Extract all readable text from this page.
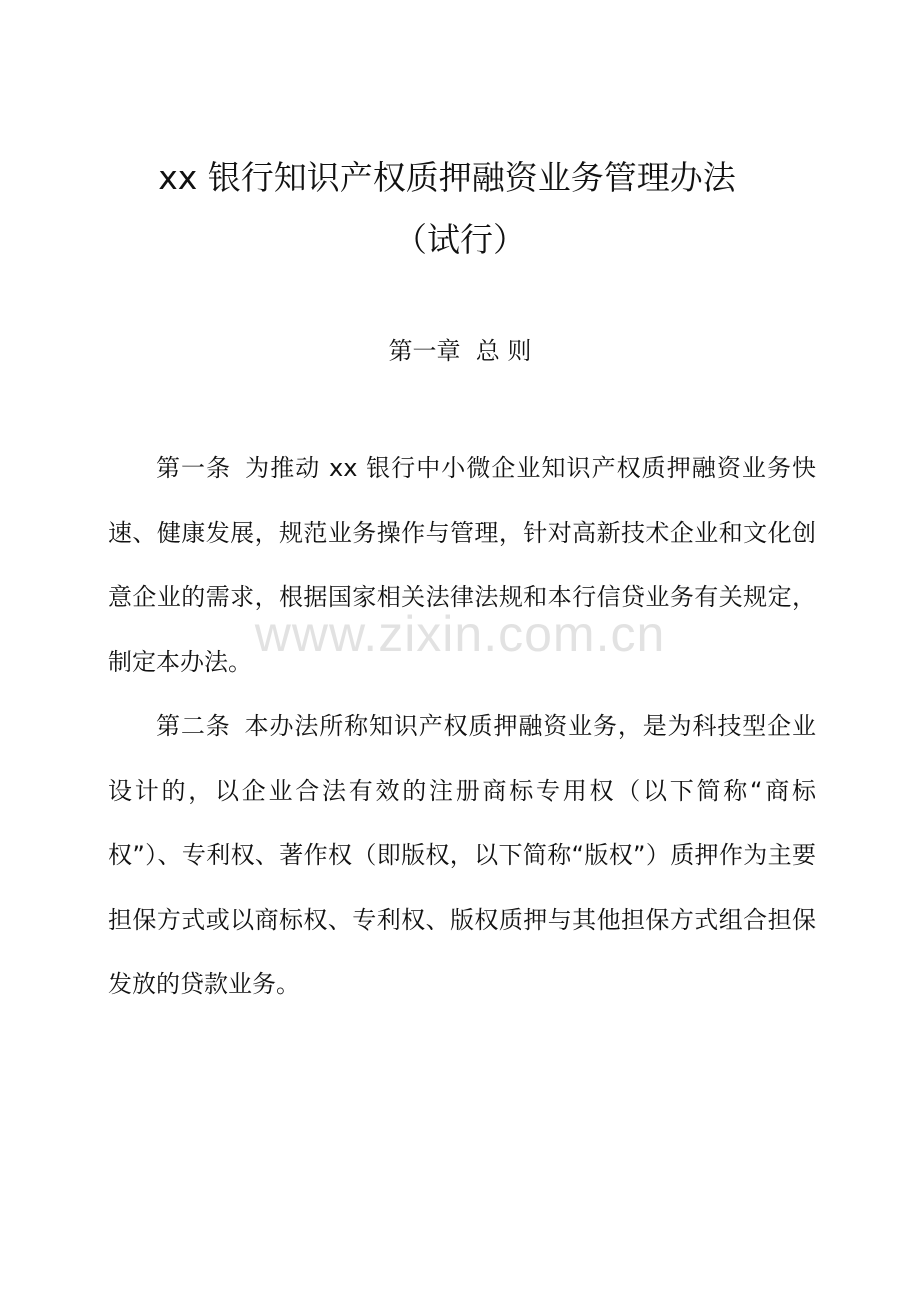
xx 银行知识产权质押融资业务管理办法
（试行）
第一章  总 则

第一条 为推动 xx 银行中小微企业知识产权质押融资业务快速、健康发展，规范业务操作与管理，针对高新技术企业和文化创意企业的需求，根据国家相关法律法规和本行信贷业务有关规定，制定本办法。

第二条 本办法所称知识产权质押融资业务，是为科技型企业设计的，以企业合法有效的注册商标专用权（以下简称“商标权”）、专利权、著作权（即版权，以下简称“版权”）质押作为主要担保方式或以商标权、专利权、版权质押与其他担保方式组合担保发放的贷款业务。

www.zixin.com.cn
